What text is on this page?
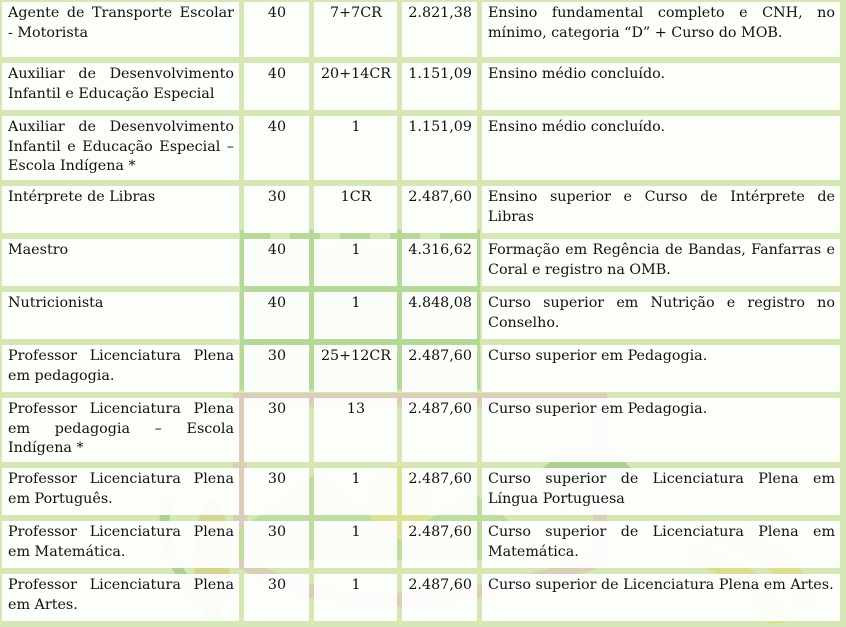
Agente de Transporte Escolar - Motorista	40	7+7CR	2.821,38	Ensino fundamental completo e CNH, no mínimo, categoria “D” + Curso do MOB.
Auxiliar de Desenvolvimento Infantil e Educação Especial	40	20+14CR	1.151,09	Ensino médio concluído.
Auxiliar de Desenvolvimento Infantil e Educação Especial – Escola Indígena *	40	1	1.151,09	Ensino médio concluído.
Intérprete de Libras	30	1CR	2.487,60	Ensino superior e Curso de Intérprete de Libras
Maestro	40	1	4.316,62	Formação em Regência de Bandas, Fanfarras e Coral e registro na OMB.
Nutricionista	40	1	4.848,08	Curso superior em Nutrição e registro no Conselho.
Professor Licenciatura Plena em pedagogia.	30	25+12CR	2.487,60	Curso superior em Pedagogia.
Professor Licenciatura Plena em pedagogia – Escola Indígena *	30	13	2.487,60	Curso superior em Pedagogia.
Professor Licenciatura Plena em Português.	30	1	2.487,60	Curso superior de Licenciatura Plena em Língua Portuguesa
Professor Licenciatura Plena em Matemática.	30	1	2.487,60	Curso superior de Licenciatura Plena em Matemática.
Professor Licenciatura Plena em Artes.	30	1	2.487,60	Curso superior de Licenciatura Plena em Artes.
